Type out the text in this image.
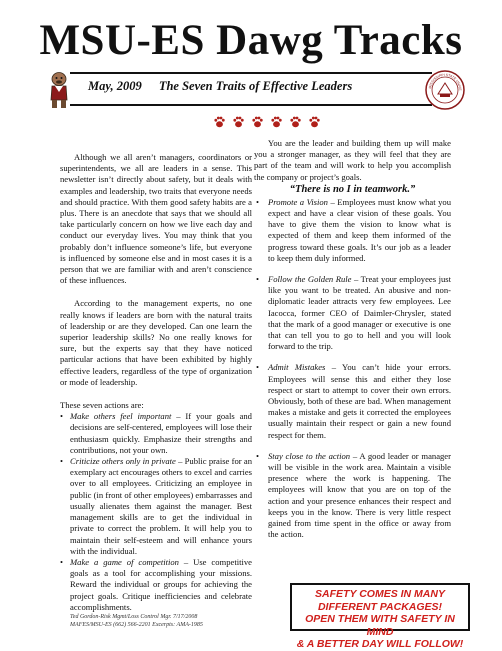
MSU-ES Dawg Tracks
May, 2009 The Seven Traits of Effective Leaders	MISSISSIPPI STATE UNIVE

Although we all aren’t managers, coordinators or superintendents, we all are leaders in a sense. This newsletter isn’t directly about safety, but it deals with examples and leadership, two traits that everyone needs and should practice. With them good safety habits are a plus. There is an anecdote that says that we should all take particularly concern on how we live each day and conduct our everyday lives. You may think that you probably don’t influence someone’s life, but everyone is influenced by someone else and in most cases it is a person that we are familiar with and aren’t conscience of these influences.

According to the management experts, no one really knows if leaders are born with the natural traits of leadership or are they developed. Can one learn the superior leadership skills? No one really knows for sure, but the experts say that they have noticed particular actions that have been exhibited by highly effective leaders, regardless of the type of organization or mode of leadership.

These seven actions are:

• Make others feel important – If your goals and decisions are self-centered, employees will lose their enthusiasm quickly. Emphasize their strengths and contributions, not your own.
• Criticize others only in private – Public praise for an exemplary act encourages others to excel and carries over to all employees. Criticizing an employee in public (in front of other employees) embarrasses and usually alienates them against the manager. Best management skills are to get the individual in private to correct the problem. It will help you to maintain their self-esteem and will enhance yours with the individual.
• Make a game of competition – Use competitive goals as a tool for accomplishing your missions. Reward the individual or groups for achieving the project goals. Critique inefficiencies and celebrate accomplishments.

You are the leader and building them up will make you a stronger manager, as they will feel that they are part of the team and will work to help you accomplish the company or project’s goals.

“There is no I in teamwork.”

• Promote a Vision – Employees must know what you expect and have a clear vision of these goals. You have to give them the vision to know what is expected of them and keep them informed of the progress toward these goals. It’s our job as a leader to keep them duly informed.
• Follow the Golden Rule – Treat your employees just like you want to be treated. An abusive and non-diplomatic leader attracts very few employees. Lee Iacocca, former CEO of Daimler-Chrysler, stated that the mark of a good manager or executive is one that can tell you to go to hell and you will look forward to the trip.
• Admit Mistakes – You can’t hide your errors. Employees will sense this and either they lose respect or start to attempt to cover their own errors. Obviously, both of these are bad. When management makes a mistake and gets it corrected the employees usually maintain their respect or gain a new found respect for them.
• Stay close to the action – A good leader or manager will be visible in the work area. Maintain a visible presence where the work is happening. The employees will know that you are on top of the action and your presence enhances their respect and keeps you in the know. There is very little respect gained from time spent in the office or away from the action.
Ted Gordon-Risk Mgmt/Loss Control Mgr. 7/17/2008
MAFES/MSU-ES (662) 566-2201 Excerpts: AMA-1985
SAFETY COMES IN MANY
DIFFERENT PACKAGES!
OPEN THEM WITH SAFETY IN MIND
& A BETTER DAY WILL FOLLOW!
